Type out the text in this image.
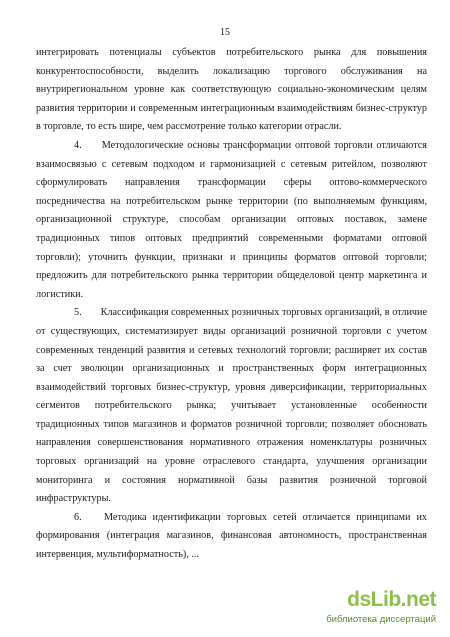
15

интегрировать потенциалы субъектов потребительского рынка для повышения конкурентоспособности, выделить локализацию торгового обслуживания на внутрирегиональном уровне как соответствующую социально-экономическим целям развития территории и современным интеграционным взаимодействиям бизнес-структур в торговле, то есть шире, чем рассмотрение только категории отрасли.

4. Методологические основы трансформации оптовой торговли отличаются взаимосвязью с сетевым подходом и гармонизацией с сетевым ритейлом, позволяют сформулировать направления трансформации сферы оптово-коммерческого посредничества на потребительском рынке территории (по выполняемым функциям, организационной структуре, способам организации оптовых поставок, замене традиционных типов оптовых предприятий современными форматами оптовой торговли); уточнить функции, признаки и принципы форматов оптовой торговли; предложить для потребительского рынка территории общеделовой центр маркетинга и логистики.

5. Классификация современных розничных торговых организаций, в отличие от существующих, систематизирует виды организаций розничной торговли с учетом современных тенденций развития и сетевых технологий торговли; расширяет их состав за счет эволюции организационных и пространственных форм интеграционных взаимодействий торговых бизнес-структур, уровня диверсификации, территориальных сегментов потребительского рынка; учитывает установленные особенности традиционных типов магазинов и форматов розничной торговли; позволяет обосновать направления совершенствования нормативного отражения номенклатуры розничных торговых организаций на уровне отраслевого стандарта, улучшения организации мониторинга и состояния нормативной базы развития розничной торговой инфраструктуры.

6. Методика идентификации торговых сетей отличается принципами их формирования (интеграция магазинов, финансовая автономность, пространственная интервенция, мультиформатность), ...

dsLib.net
библиотека диссертаций
